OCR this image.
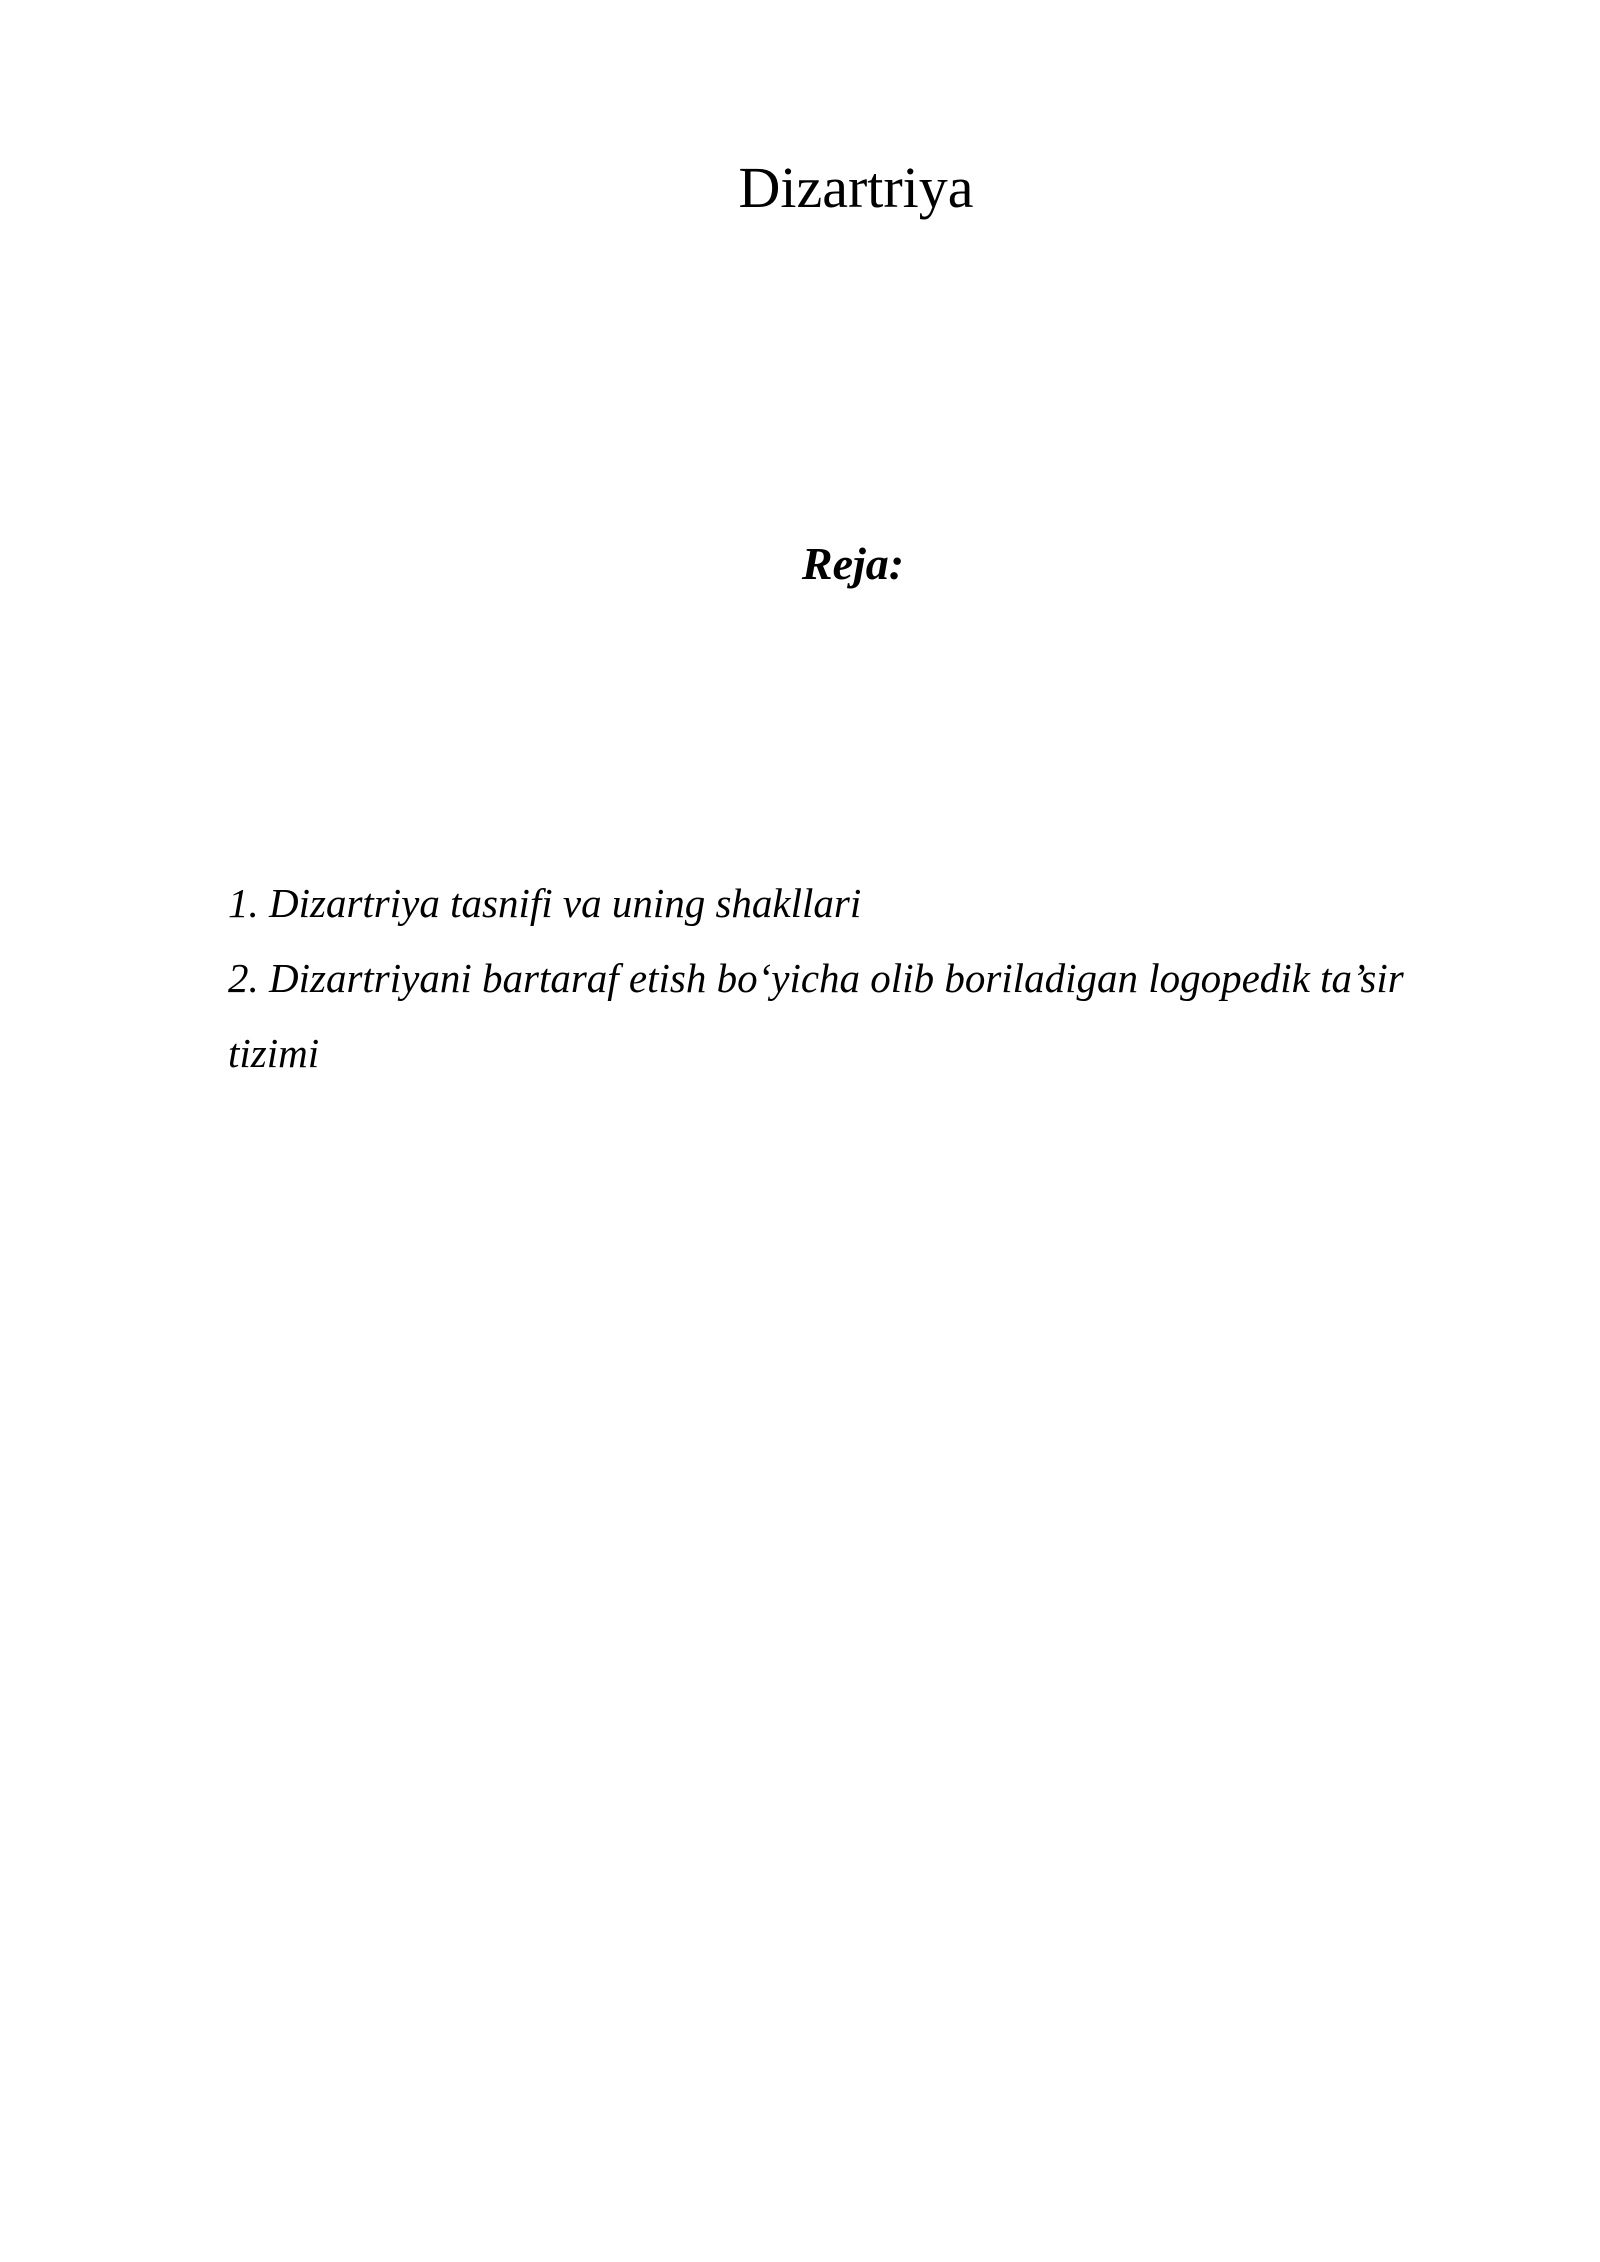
Dizartriya
Reja:
1. Dizartriya tasnifi va uning shakllari
2. Dizartriyani bartaraf etish bo‘yicha olib boriladigan logopedik ta’sir tizimi
